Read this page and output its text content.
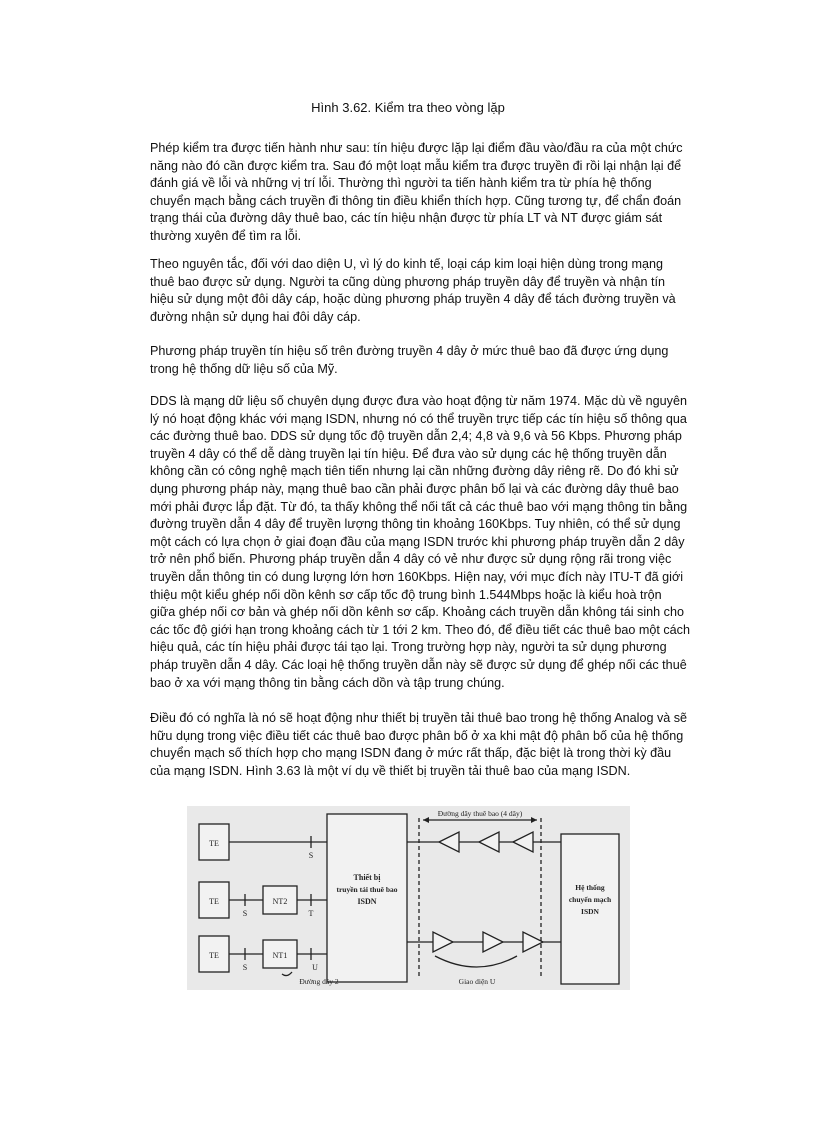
Hình 3.62. Kiểm tra theo vòng lặp

Phép kiểm tra được tiến hành như sau: tín hiệu được lặp lại điểm đầu vào/đầu ra của một chức năng nào đó cần được kiểm tra. Sau đó một loạt mẫu kiểm tra được truyền đi rồi lại nhận lại để đánh giá về lỗi và những vị trí lỗi. Thường thì người ta tiến hành kiểm tra từ phía hệ thống chuyển mạch bằng cách truyền đi thông tin điều khiển thích hợp. Cũng tương tự, để chẩn đoán trạng thái của đường dây thuê bao, các tín hiệu nhận được từ phía LT và NT được giám sát thường xuyên để tìm ra lỗi.

Theo nguyên tắc, đối với dao diện U, vì lý do kinh tế, loại cáp kim loại hiện dùng trong mạng thuê bao được sử dụng. Người ta cũng dùng phương pháp truyền dây để truyền và nhận tín hiệu sử dụng một đôi dây cáp, hoặc dùng phương pháp truyền 4 dây để tách đường truyền và đường nhận sử dụng hai đôi dây cáp.

Phương pháp truyền tín hiệu số trên đường truyền 4 dây ở mức thuê bao đã được ứng dụng trong hệ thống dữ liệu số của Mỹ.

DDS là mạng dữ liệu số chuyên dụng được đưa vào hoạt động từ năm 1974. Mặc dù về nguyên lý nó hoạt động khác với mạng ISDN, nhưng nó có thể truyền trực tiếp các tín hiệu số thông qua các đường thuê bao. DDS sử dụng tốc độ truyền dẫn 2,4; 4,8 và 9,6 và 56 Kbps. Phương pháp truyền 4 dây có thể dễ dàng truyền lại tín hiệu. Để đưa vào sử dụng các hệ thống truyền dẫn không cần có công nghệ mạch tiên tiến nhưng lại cần những đường dây riêng rẽ. Do đó khi sử dụng phương pháp này, mạng thuê bao cần phải được phân bố lại và các đường dây thuê bao mới phải được lắp đặt. Từ đó, ta thấy không thể nối tất cả các thuê bao với mạng thông tin bằng đường truyền dẫn 4 dây để truyền lượng thông tin khoảng 160Kbps. Tuy nhiên, có thể sử dụng một cách có lựa chọn ở giai đoạn đầu của mạng ISDN trước khi phương pháp truyền dẫn 2 dây trở nên phổ biến. Phương pháp truyền dẫn 4 dây có vẻ như được sử dụng rộng rãi trong việc truyền dẫn thông tin có dung lượng lớn hơn 160Kbps. Hiện nay, với mục đích này ITU-T đã giới thiệu một kiểu ghép nối dồn kênh sơ cấp tốc độ trung bình 1.544Mbps hoặc là kiểu hoà trộn giữa ghép nối cơ bản và ghép nối dồn kênh sơ cấp. Khoảng cách truyền dẫn không tái sinh cho các tốc độ giới hạn trong khoảng cách từ 1 tới 2 km. Theo đó, để điều tiết các thuê bao một cách hiệu quả, các tín hiệu phải được tái tạo lại. Trong trường hợp này, người ta sử dụng phương pháp truyền dẫn 4 dây. Các loại hệ thống truyền dẫn này sẽ được sử dụng để ghép nối các thuê bao ở xa với mạng thông tin bằng cách dồn và tập trung chúng.

Điều đó có nghĩa là nó sẽ hoạt động như thiết bị truyền tải thuê bao trong hệ thống Analog và sẽ hữu dụng trong việc điều tiết các thuê bao được phân bố ở xa khi mật độ phân bố của hệ thống chuyển mạch số thích hợp cho mạng ISDN đang ở mức rất thấp, đặc biệt là trong thời kỳ đầu của mạng ISDN. Hình 3.63 là một ví dụ về thiết bị truyền tải thuê bao của mạng ISDN.

TE
TE
TE
NT2
NT1
S
S	T
S	U
Thiết bị
truyền tải thuê bao
ISDN
Hệ thống
chuyển mạch
ISDN
Đường dây thuê bao (4 dây)
Đường dây 2	Giao diện U
